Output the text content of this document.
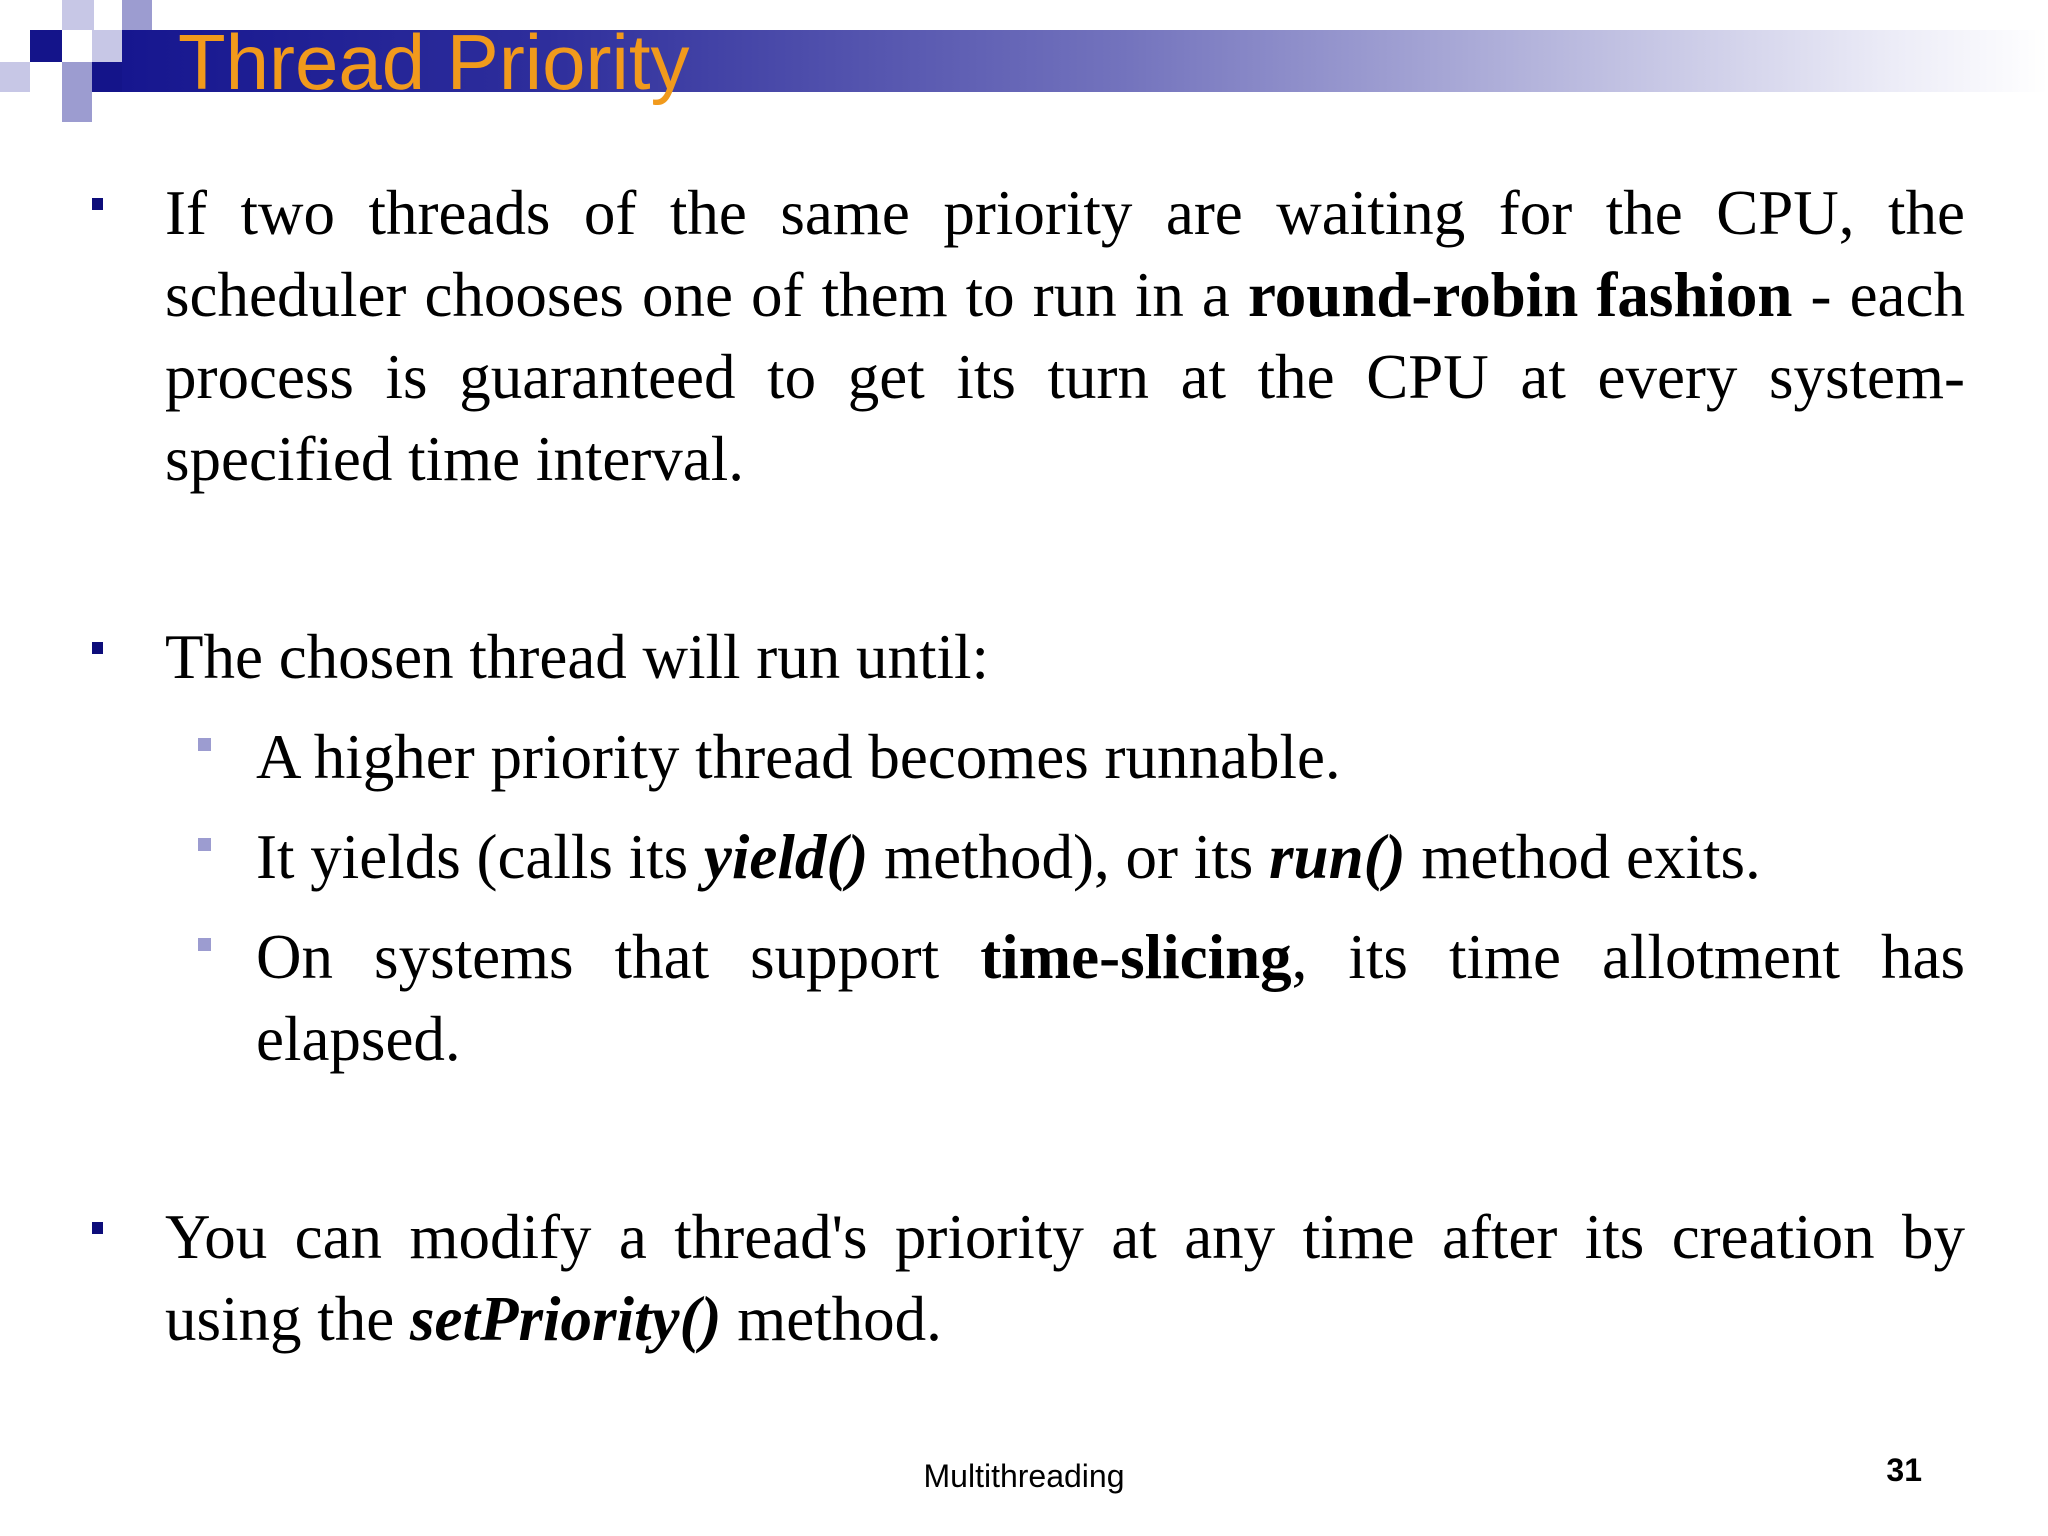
Thread Priority
If two threads of the same priority are waiting for the CPU, the scheduler chooses one of them to run in a round-robin fashion - each process is guaranteed to get its turn at the CPU at every system-specified time interval.
The chosen thread will run until:
A higher priority thread becomes runnable.
It yields (calls its yield() method), or its run() method exits.
On systems that support time-slicing, its time allotment has elapsed.
You can modify a thread's priority at any time after its creation by using the setPriority() method.
Multithreading	31
